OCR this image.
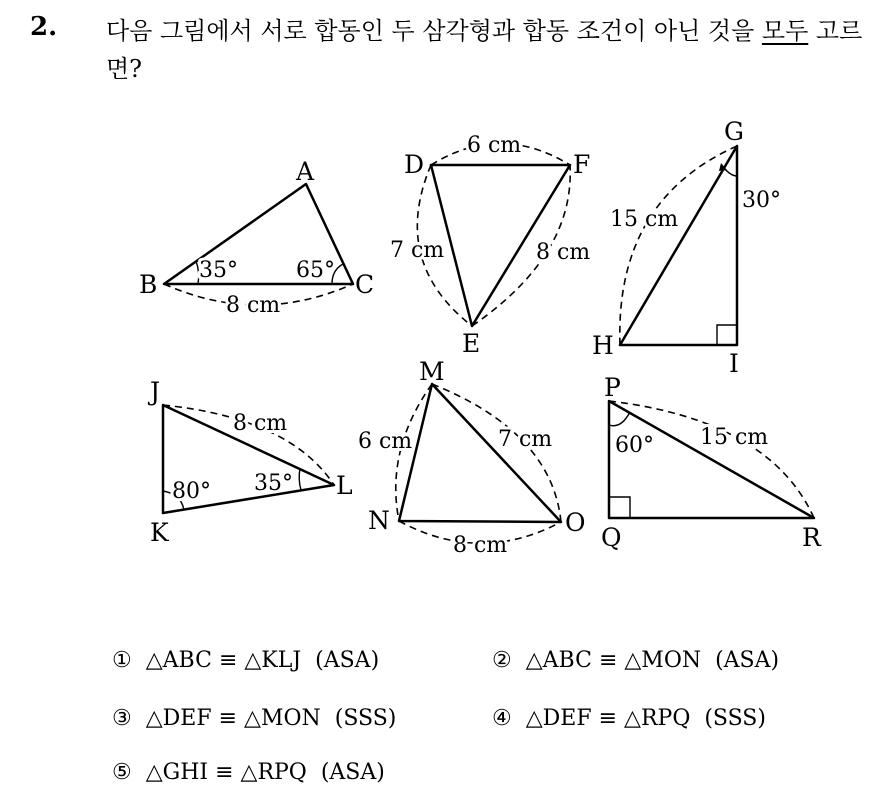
2. 다음 그림에서 서로 합동인 두 삼각형과 합동 조건이 아닌 것을 모두 고르면?
A
B	C
D
E
F
G
H
I
J
K
L
M
N	O
P
Q	R
8 cm
35°	65°
6 cm
7 cm	8 cm
15 cm
30°
8 cm
80° 35°
6 cm	7 cm
8 cm
15 cm
60°
① △ABC ≡ △KLJ  (ASA)	② △ABC ≡ △MON  (ASA)
③ △DEF ≡ △MON  (SSS)	④ △DEF ≡ △RPQ  (SSS)
⑤ △GHI ≡ △RPQ  (ASA)
